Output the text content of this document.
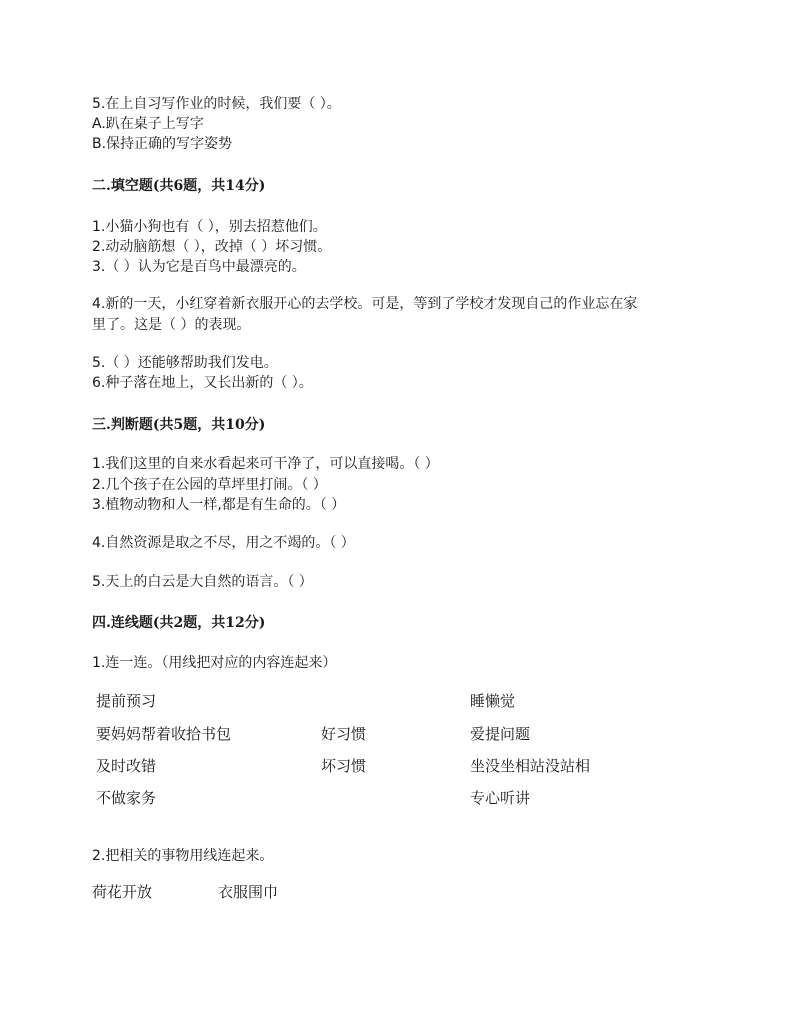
5.在上自习写作业的时候，我们要（ ）。
A.趴在桌子上写字
B.保持正确的写字姿势
二.填空题(共6题，共14分)
1.小猫小狗也有（ ），别去招惹他们。
2.动动脑筋想（ ），改掉（ ）坏习惯。
3.（ ）认为它是百鸟中最漂亮的。
4.新的一天，小红穿着新衣服开心的去学校。可是，等到了学校才发现自己的作业忘在家
里了。这是（ ）的表现。
5.（ ）还能够帮助我们发电。
6.种子落在地上，又长出新的（ ）。
三.判断题(共5题，共10分)
1.我们这里的自来水看起来可干净了，可以直接喝。（ ）
2.几个孩子在公园的草坪里打闹。（ ）
3.植物动物和人一样,都是有生命的。（ ）
4.自然资源是取之不尽，用之不竭的。（ ）
5.天上的白云是大自然的语言。（ ）
四.连线题(共2题，共12分)
1.连一连。（用线把对应的内容连起来）
提前预习
要妈妈帮着收拾书包
及时改错
不做家务
好习惯
坏习惯
睡懒觉
爱提问题
坐没坐相站没站相
专心听讲
2.把相关的事物用线连起来。
荷花开放	衣服围巾
